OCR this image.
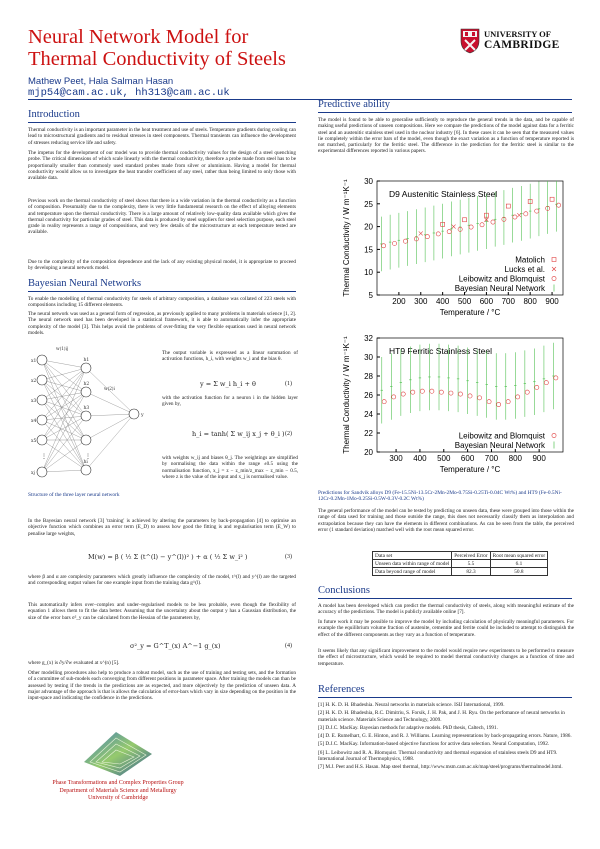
Neural Network Model for
Thermal Conductivity of Steels
Mathew Peet, Hala Salman Hasan
mjp54@cam.ac.uk, hh313@cam.ac.uk
UNIVERSITY OF
CAMBRIDGE
Introduction

Thermal conductivity is an important parameter in the heat treatment and use of steels. Temperature gradients during cooling can lead to microstructural gradients and to residual stresses in steel components. Thermal transients can influence the development of stresses reducing service life and safety.

The impetus for the development of our model was to provide thermal conductivity values for the design of a steel quenching probe. The critical dimensions of which scale linearly with the thermal conductivity, therefore a probe made from steel has to be proportionally smaller than commonly used standard probes made from silver or aluminium. Having a model for thermal conductivity would allow us to investigate the heat transfer coefficient of any steel, rather than being limited to only those with available data.

Previous work on the thermal conductivity of steel shows that there is a wide variation in the thermal conductivity as a function of composition. Presumably due to the complexity, there is very little fundamental research on the effect of alloying elements and temperature upon the thermal conductivity. There is a large amount of relatively low-quality data available which gives the thermal conductivity for particular grades of steel. This data is produced by steel suppliers for steel selection purpose, each steel grade in reality represents a range of compositions, and very few details of the microstructure at each temperature tested are available.

Due to the complexity of the composition dependence and the lack of any existing physical model, it is appropriate to proceed by developing a neural network model.

Bayesian Neural Networks

To enable the modelling of thermal conductivity for steels of arbitrary composition, a database was collated of 223 steels with compositions including 15 different elements.

The neural network was used as a general form of regression, as previously applied to many problems in materials science [1, 2]. The neural network used has been developed in a statistical framework, it is able to automatically infer the appropriate complexity of the model [3]. This helps avoid the problems of over-fitting the very flexible equations used in neural network models.

x1
x2
x3
x4
x5
xj
⋮
h1
h2
h3
hi
⋮
y
w(1)ij
w(2)i
Structure of the three layer neural network

The output variable is expressed as a linear summation of activation functions, h_i, with weights w_i and the bias θ.

y = Σ w_i h_i + θ	(1)

with the activation function for a neuron i in the hidden layer given by,

h_i = tanh( Σ w_ij x_j + θ_i ) (2)

with weights w_ij and biases θ_j. The weightings are simplified by normalising the data within the range ±0.5 using the normalisation function, x_j = z − z_min/z_max − z_min − 0.5, where z is the value of the input and x_j is normalised value.

In the Bayesian neural network [3] 'training' is achieved by altering the parameters by back-propagation [4] to optimise an objective function which combines an error term (E_D) to assess how good the fitting is and regularisation term (E_W) to penalise large weights,

M(w) = β ( ½ Σ (t^(l) − y^(l))² ) + α ( ½ Σ w_i² )	(3)

where β and α are complexity parameters which greatly influence the complexity of the model, t^(l) and y^(l) are the targeted and corresponding output values for one example input from the training data g^(l).

This automatically infers over–complex and under–regularised models to be less probable, even though the flexibility of equation 1 allows them to fit the data better. Assuming that the uncertainty about the output y has a Gaussian distribution, the size of the error bars σ²_y can be calculated from the Hessian of the parameters by,

σ²_y = G^T_(x) A^−1 g_(x)	(4)

where g_(x) is ∂y/∂w evaluated at x^(n) [5].

Other modelling procedures also help to produce a robust model, such as the use of training and testing sets, and the formation of a committee of sub-models each converging from different positions in parameter space. After training the models can than be assessed by testing if the trends in the predictions are as expected, and more objectively by the prediction of unseen data. A major advantage of the approach is that is allows the calculation of error-bars which vary in size depending on the position in the input-space and indicating the confidence in the predictions.

Phase Transformations and Complex Properties Group
Department of Materials Science and Metallurgy
University of Cambridge
Predictive ability

The model is found to be able to generalise sufficiently to reproduce the general trends in the data, and be capable of making useful predictions of unseen compositions. Here we compare the predictions of the model against data for a ferritic steel and an austenitic stainless steel used in the nuclear industry [6]. In these cases it can be seen that the measured values lie completely within the error bars of the model, even though the exact variation as a function of temperature reported is not matched, particularly for the ferritic steel. The difference in the prediction for the ferritic steel is similar to the experimental differences reported in various papers.

200 300 400 500 600 700 800 900
5
10
15
20
25
30
Temperature / °C
Thermal Conductivity / W m⁻¹K⁻¹	D9 Austenitic Stainless Steel
Bayesian Neural Network
Leibowitz and Blomquist
Lucks et al.
Matolich
300 400 500 600 700 800 900
20
22
24
26
28
30
32
Temperature / °C
Thermal Conductivity / W m⁻¹K⁻¹	HT9 Ferritic Stainless Steel
Bayesian Neural Network
Leibowitz and Blomquist
Predictions for Sandvik alloys D9 (Fe-15.5Ni-13.5Cr-2Mn-2Mo-0.75Si-0.25Ti-0.04C Wt%) and HT9 (Fe-0.5Ni-12Cr-0.2Mn-1Mo-0.25Si-0.5W-0.3V-0.2C Wt%)

The general performance of the model can be tested by predicting on unseen data, these were grouped into those within the range of data used for training and those outside the range, this does not necessarily classify them as interpolation and extrapolation because they can have the elements in different combinations. As can be seen from the table, the perceived error (1 standard deviation) matched well with the root mean squared error.

Data set	Perceived Error	Root mean squared error
Unseen data within range of model	5.5	6.1
Data beyond range of model	82.3	50.8
Conclusions

A model has been developed which can predict the thermal conductivity of steels, along with meaningful estimate of the accuracy of the predictions. The model is publicly available online [7].

In future work it may be possible to improve the model by including calculation of physically meaningful parameters. For example the equilibrium volume fraction of austenite, cementite and ferrite could be included to attempt to distinguish the effect of the different components as they vary as a function of temperature.

It seems likely that any significant improvement to the model would require new experiments to be performed to measure the effect of microstructure, which would be required to model thermal conductivity changes as a function of time and temperature.

References
[1] H. K. D. H. Bhadeshia. Neural networks in materials science. ISIJ International, 1999.
[2] H. K. D. H. Bhadeshia, R.C. Dimitriu, S. Forsik, J. H. Pak, and J. H. Ryu. On the perfomance of neural networks in materials science. Materials Science and Technology, 2009.
[3] D.J.C. MacKay. Bayesian methods for adaptive models. PhD thesis, Caltech, 1991.
[4] D. E. Rumelhart, G. E. Hinton, and R. J. Williams. Learning representations by back-propagating errors. Nature, 1986.
[5] D.J.C. MacKay. Information-based objective functions for active data selection. Neural Computation, 1992.
[6] L. Leibowitz and R. A. Blomquist. Thermal conductivity and thermal expansion of stainless steels D9 and HT9. International Journal of Thermophysics, 1988.
[7] M.J. Peet and H.S. Hasan. Map steel thermal, http://www.msm.cam.ac.uk/map/steel/programs/thermalmodel.html.
